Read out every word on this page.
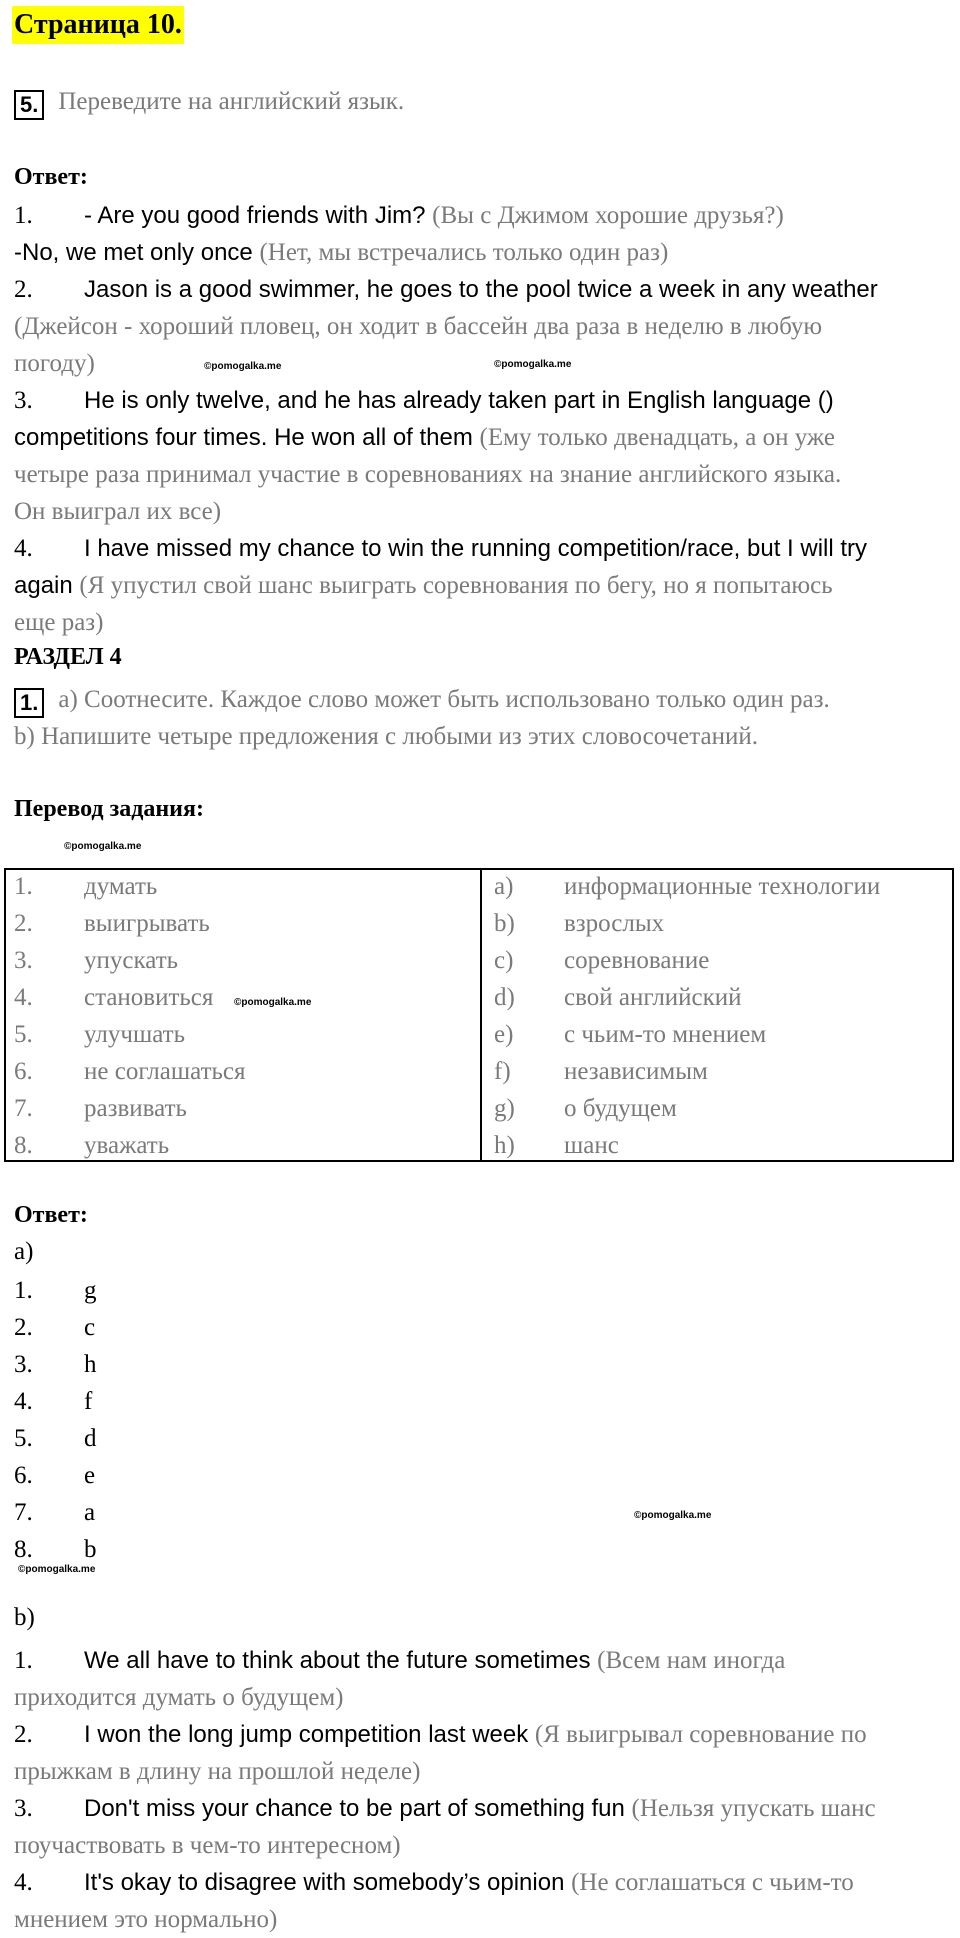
Страница 10.
5. Переведите на английский язык.
Ответ:
1. - Are you good friends with Jim? (Вы с Джимом хорошие друзья?)
-No, we met only once (Нет, мы встречались только один раз)
2. Jason is a good swimmer, he goes to the pool twice a week in any weather
(Джейсон - хороший пловец, он ходит в бассейн два раза в неделю в любую
погоду)
3. He is only twelve, and he has already taken part in English language ()
competitions four times. He won all of them (Ему только двенадцать, а он уже
четыре раза принимал участие в соревнованиях на знание английского языка.
Он выиграл их все)
4. I have missed my chance to win the running competition/race, but I will try
again (Я упустил свой шанс выиграть соревнования по бегу, но я попытаюсь
еще раз)
РАЗДЕЛ 4
1. а) Соотнесите. Каждое слово может быть использовано только один раз.
b) Напишите четыре предложения с любыми из этих словосочетаний.
Перевод задания:
1. думать
2. выигрывать
3. упускать
4. становиться
5. улучшать
6. не соглашаться
7. развивать
8. уважать
a) информационные технологии
b) взрослых
c) соревнование
d) свой английский
e) с чьим-то мнением
f) независимым
g) о будущем
h) шанс
Ответ:
a)
1. g
2. c
3. h
4. f
5. d
6. e
7. a
8. b
b)
1. We all have to think about the future sometimes (Всем нам иногда
приходится думать о будущем)
2. I won the long jump competition last week (Я выигрывал соревнование по
прыжкам в длину на прошлой неделе)
3. Don't miss your chance to be part of something fun (Нельзя упускать шанс
поучаствовать в чем-то интересном)
4. It's okay to disagree with somebody’s opinion (Не соглашаться с чьим-то
мнением это нормально)
©pomogalka.me	©pomogalka.me
©pomogalka.me
©pomogalka.me
©pomogalka.me
©pomogalka.me
